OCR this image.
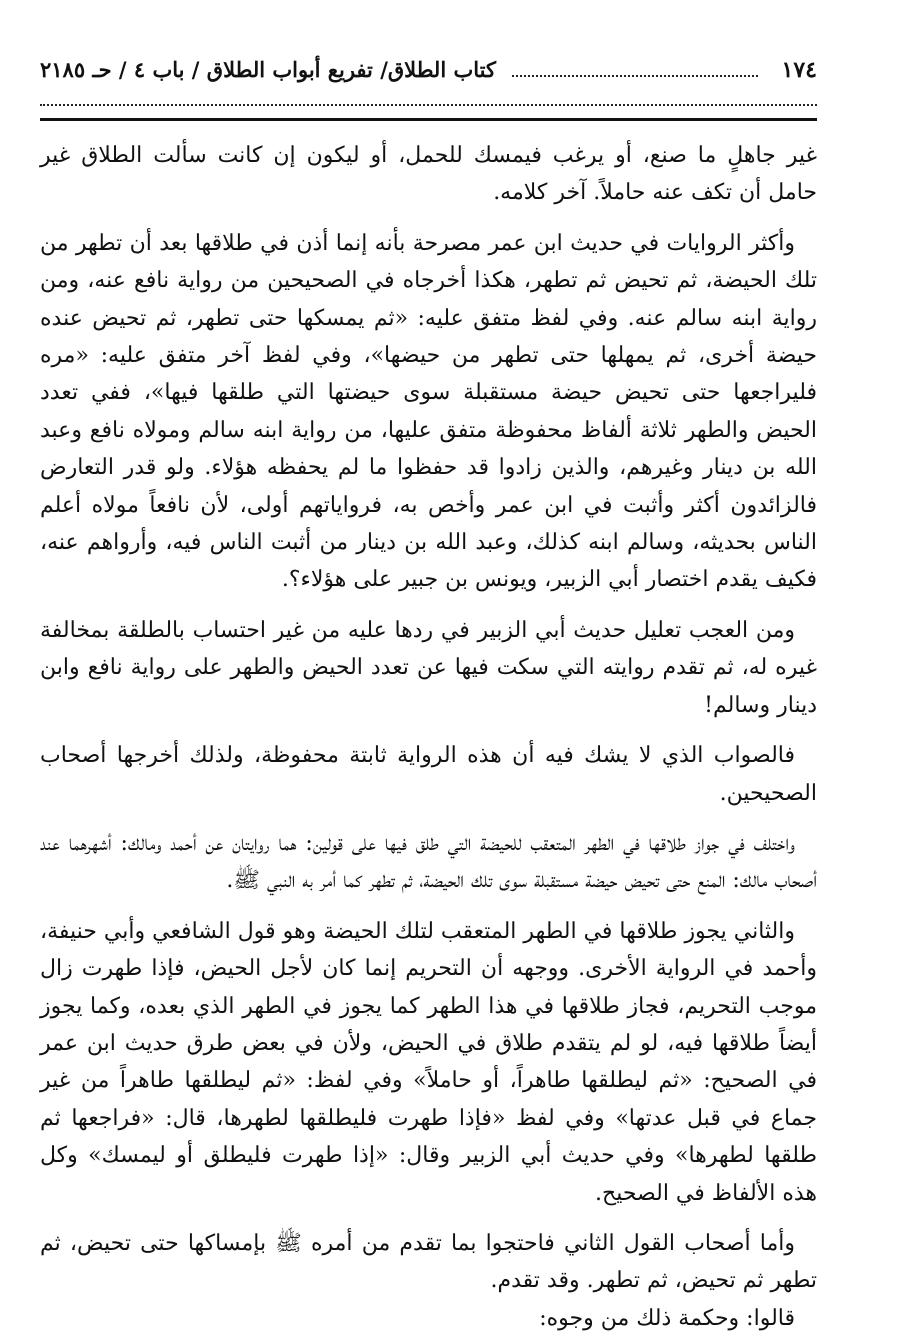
١٧٤
كتاب الطلاق/ تفريع أبواب الطلاق / باب ٤ / حـ ٢١٨٥

غير جاهلٍ ما صنع، أو يرغب فيمسك للحمل، أو ليكون إن كانت سألت الطلاق غير حامل أن تكف عنه حاملاً. آخر كلامه.

وأكثر الروايات في حديث ابن عمر مصرحة بأنه إنما أذن في طلاقها بعد أن تطهر من تلك الحيضة، ثم تحيض ثم تطهر، هكذا أخرجاه في الصحيحين من رواية نافع عنه، ومن رواية ابنه سالم عنه. وفي لفظ متفق عليه: «ثم يمسكها حتى تطهر، ثم تحيض عنده حيضة أخرى، ثم يمهلها حتى تطهر من حيضها»، وفي لفظ آخر متفق عليه: «مره فليراجعها حتى تحيض حيضة مستقبلة سوى حيضتها التي طلقها فيها»، ففي تعدد الحيض والطهر ثلاثة ألفاظ محفوظة متفق عليها، من رواية ابنه سالم ومولاه نافع وعبد الله بن دينار وغيرهم، والذين زادوا قد حفظوا ما لم يحفظه هؤلاء. ولو قدر التعارض فالزائدون أكثر وأثبت في ابن عمر وأخص به، فرواياتهم أولى، لأن نافعاً مولاه أعلم الناس بحديثه، وسالم ابنه كذلك، وعبد الله بن دينار من أثبت الناس فيه، وأرواهم عنه، فكيف يقدم اختصار أبي الزبير، ويونس بن جبير على هؤلاء؟.

ومن العجب تعليل حديث أبي الزبير في ردها عليه من غير احتساب بالطلقة بمخالفة غيره له، ثم تقدم روايته التي سكت فيها عن تعدد الحيض والطهر على رواية نافع وابن دينار وسالم!

فالصواب الذي لا يشك فيه أن هذه الرواية ثابتة محفوظة، ولذلك أخرجها أصحاب الصحيحين.

واختلف في جواز طلاقها في الطهر المتعقب للحيضة التي طلق فيها على قولين: هما روايتان عن أحمد ومالك: أشهرهما عند أصحاب مالك: المنع حتى تحيض حيضة مستقبلة سوى تلك الحيضة، ثم تطهر كما أمر به النبي ﷺ.

والثاني يجوز طلاقها في الطهر المتعقب لتلك الحيضة وهو قول الشافعي وأبي حنيفة، وأحمد في الرواية الأخرى. ووجهه أن التحريم إنما كان لأجل الحيض، فإذا طهرت زال موجب التحريم، فجاز طلاقها في هذا الطهر كما يجوز في الطهر الذي بعده، وكما يجوز أيضاً طلاقها فيه، لو لم يتقدم طلاق في الحيض، ولأن في بعض طرق حديث ابن عمر في الصحيح: «ثم ليطلقها طاهراً، أو حاملاً» وفي لفظ: «ثم ليطلقها طاهراً من غير جماع في قبل عدتها» وفي لفظ «فإذا طهرت فليطلقها لطهرها، قال: «فراجعها ثم طلقها لطهرها» وفي حديث أبي الزبير وقال: «إذا طهرت فليطلق أو ليمسك» وكل هذه الألفاظ في الصحيح.

وأما أصحاب القول الثاني فاحتجوا بما تقدم من أمره ﷺ بإمساكها حتى تحيض، ثم تطهر ثم تحيض، ثم تطهر. وقد تقدم.

قالوا: وحكمة ذلك من وجوه:
